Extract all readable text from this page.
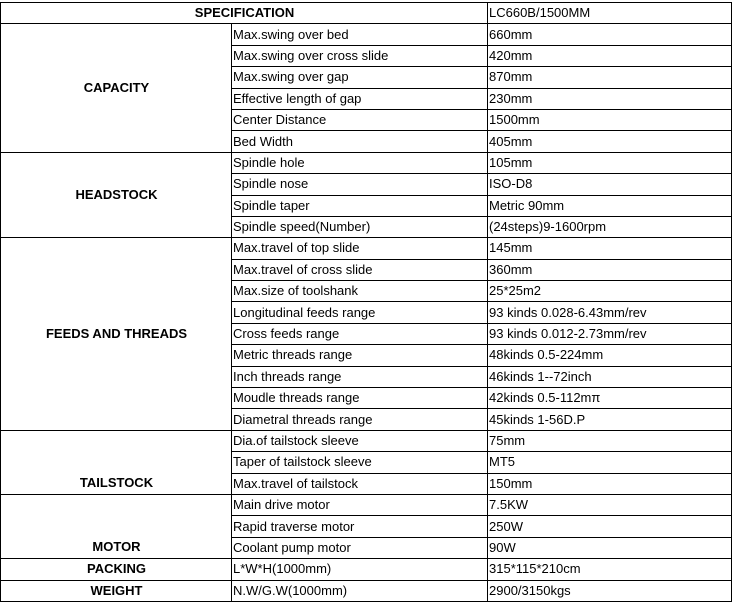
SPECIFICATION		LC660B/1500MM
CAPACITY	Max.swing over bed	660mm
	Max.swing over cross slide	420mm
	Max.swing over gap	870mm
	Effective length of gap	230mm
	Center Distance	1500mm
	Bed Width	405mm
HEADSTOCK	Spindle hole	105mm
	Spindle nose	ISO-D8
	Spindle taper	Metric 90mm
	Spindle speed(Number)	(24steps)9-1600rpm
FEEDS AND THREADS	Max.travel of top slide	145mm
	Max.travel of cross slide	360mm
	Max.size of toolshank	25*25m2
	Longitudinal feeds range	93 kinds 0.028-6.43mm/rev
	Cross feeds range	93 kinds 0.012-2.73mm/rev
	Metric threads range	48kinds 0.5-224mm
	Inch threads range	46kinds 1--72inch
	Moudle threads range	42kinds 0.5-112mπ
	Diametral threads range	45kinds 1-56D.P
TAILSTOCK	Dia.of tailstock sleeve	75mm
	Taper of tailstock sleeve	MT5
	Max.travel of tailstock	150mm
MOTOR	Main drive motor	7.5KW
	Rapid traverse motor	250W
	Coolant pump motor	90W
PACKING	L*W*H(1000mm)	315*115*210cm
WEIGHT	N.W/G.W(1000mm)	2900/3150kgs
